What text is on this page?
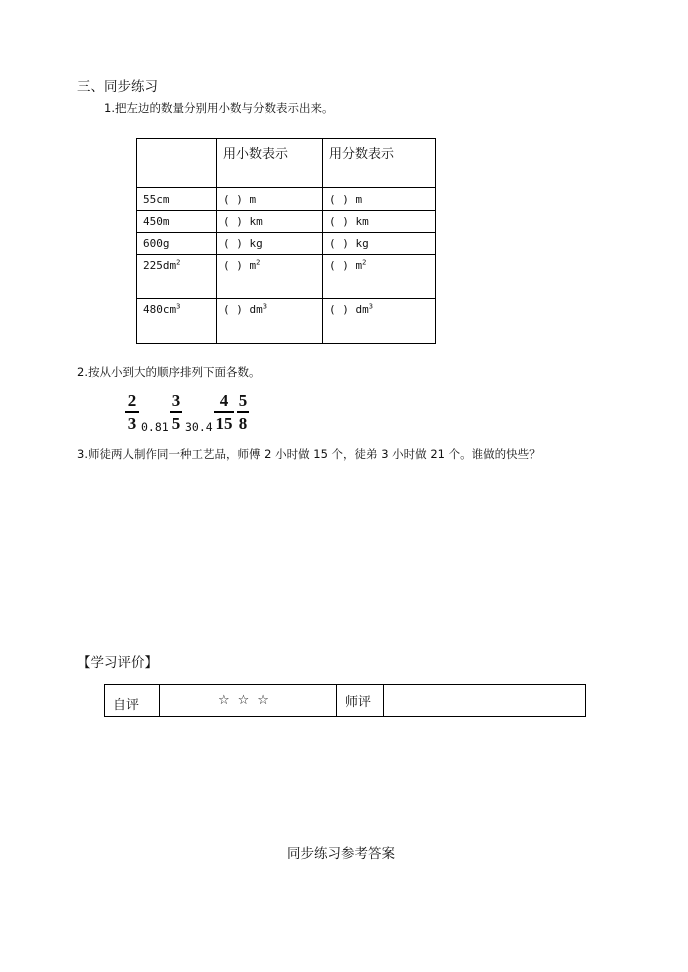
三、同步练习
1.把左边的数量分别用小数与分数表示出来。
	用小数表示	用分数表示
55cm	( ) m	( ) m
450m	( ) km	( ) km
600g	( ) kg	( ) kg
$225dm^2$	( ) $m^2$	( ) $m^2$
$480cm^3$	( ) $dm^3$	( ) $dm^3$
2.按从小到大的顺序排列下面各数。
2
3 0.81
3
5 30.4
4
15
5
8
3.师徒两人制作同一种工艺品，师傅 2 小时做 15 个，徒弟 3 小时做 21 个。谁做的快些？
【学习评价】
自评	☆☆☆	师评	
同步练习参考答案
